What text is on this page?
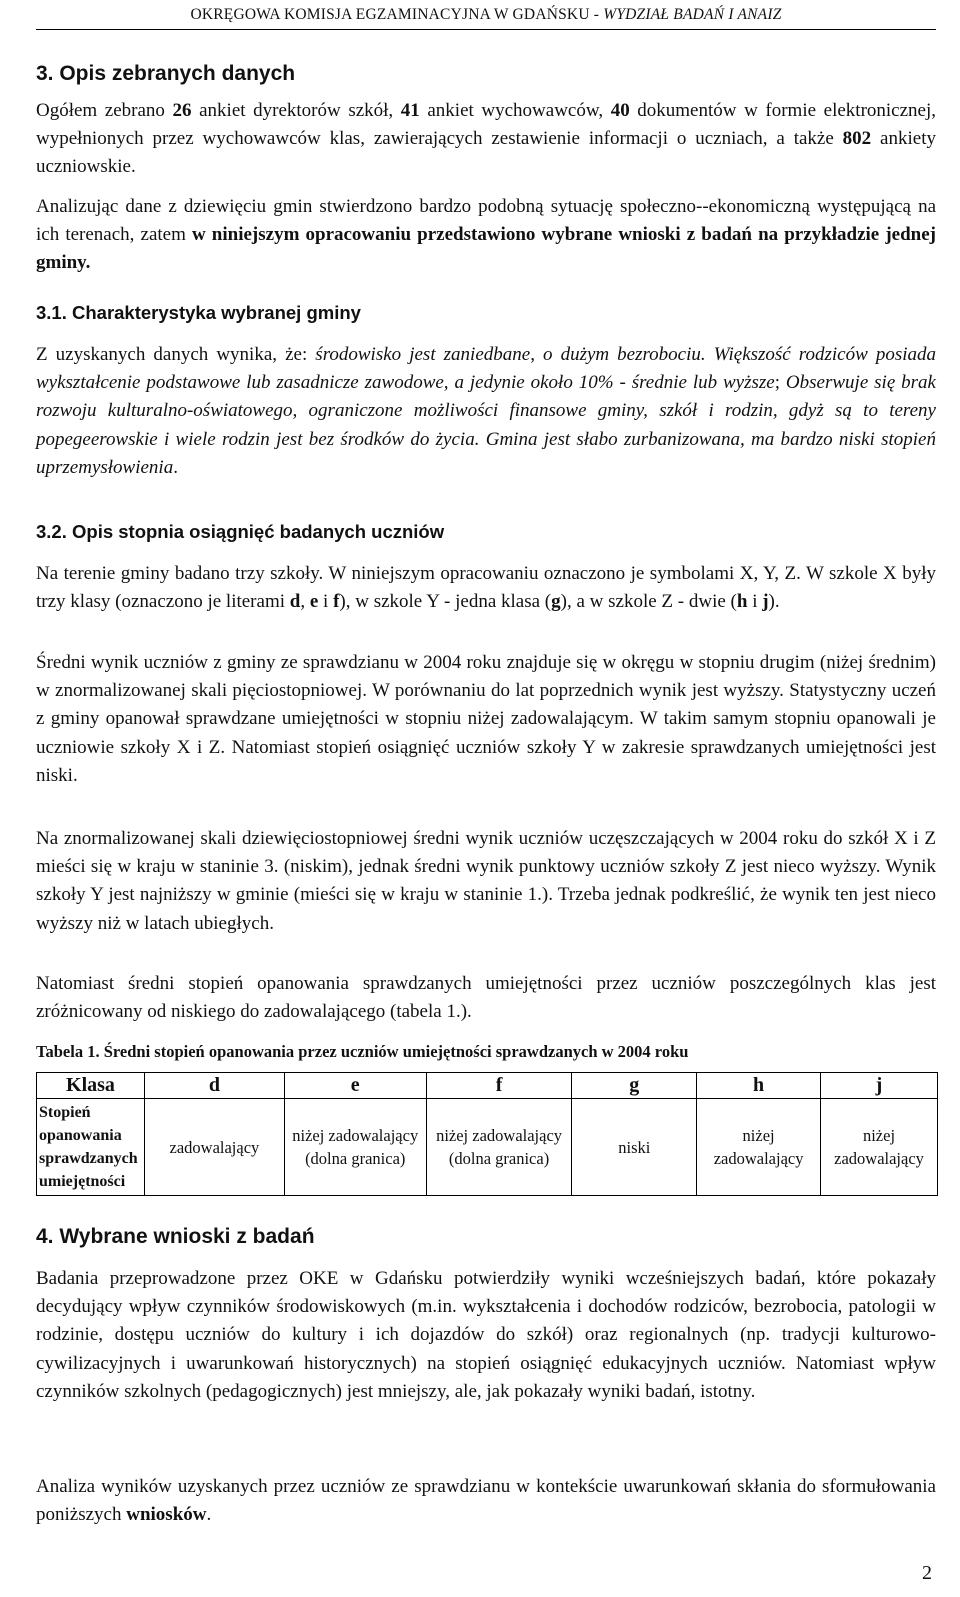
OKRĘGOWA KOMISJA EGZAMINACYJNA W GDAŃSKU - WYDZIAŁ BADAŃ I ANAIZ
3. Opis zebranych danych

Ogółem zebrano 26 ankiet dyrektorów szkół, 41 ankiet wychowawców, 40 dokumentów w formie elektronicznej, wypełnionych przez wychowawców klas, zawierających zestawienie informacji o uczniach, a także 802 ankiety uczniowskie.

Analizując dane z dziewięciu gmin stwierdzono bardzo podobną sytuację społeczno--ekonomiczną występującą na ich terenach, zatem w niniejszym opracowaniu przedstawiono wybrane wnioski z badań na przykładzie jednej gminy.

3.1. Charakterystyka wybranej gminy

Z uzyskanych danych wynika, że: środowisko jest zaniedbane, o dużym bezrobociu. Większość rodziców posiada wykształcenie podstawowe lub zasadnicze zawodowe, a jedynie około 10% - średnie lub wyższe; Obserwuje się brak rozwoju kulturalno-oświatowego, ograniczone możliwości finansowe gminy, szkół i rodzin, gdyż są to tereny popegeerowskie i wiele rodzin jest bez środków do życia. Gmina jest słabo zurbanizowana, ma bardzo niski stopień uprzemysłowienia.

3.2. Opis stopnia osiągnięć badanych uczniów

Na terenie gminy badano trzy szkoły. W niniejszym opracowaniu oznaczono je symbolami X, Y, Z. W szkole X były trzy klasy (oznaczono je literami d, e i f), w szkole Y - jedna klasa (g), a w szkole Z - dwie (h i j).

Średni wynik uczniów z gminy ze sprawdzianu w 2004 roku znajduje się w okręgu w stopniu drugim (niżej średnim) w znormalizowanej skali pięciostopniowej. W porównaniu do lat poprzednich wynik jest wyższy. Statystyczny uczeń z gminy opanował sprawdzane umiejętności w stopniu niżej zadowalającym. W takim samym stopniu opanowali je uczniowie szkoły X i Z. Natomiast stopień osiągnięć uczniów szkoły Y w zakresie sprawdzanych umiejętności jest niski.

Na znormalizowanej skali dziewięciostopniowej średni wynik uczniów uczęszczających w 2004 roku do szkół X i Z mieści się w kraju w staninie 3. (niskim), jednak średni wynik punktowy uczniów szkoły Z jest nieco wyższy. Wynik szkoły Y jest najniższy w gminie (mieści się w kraju w staninie 1.). Trzeba jednak podkreślić, że wynik ten jest nieco wyższy niż w latach ubiegłych.

Natomiast średni stopień opanowania sprawdzanych umiejętności przez uczniów poszczególnych klas jest zróżnicowany od niskiego do zadowalającego (tabela 1.).

Tabela 1. Średni stopień opanowania przez uczniów umiejętności sprawdzanych w 2004 roku
Klasa	d	e	f	g	h	j
Stopień opanowania sprawdzanych umiejętności	zadowalający	niżej zadowalający (dolna granica)	niżej zadowalający (dolna granica)	niski	niżej zadowalający	niżej zadowalający
4. Wybrane wnioski z badań

Badania przeprowadzone przez OKE w Gdańsku potwierdziły wyniki wcześniejszych badań, które pokazały decydujący wpływ czynników środowiskowych (m.in. wykształcenia i dochodów rodziców, bezrobocia, patologii w rodzinie, dostępu uczniów do kultury i ich dojazdów do szkół) oraz regionalnych (np. tradycji kulturowo-cywilizacyjnych i uwarunkowań historycznych) na stopień osiągnięć edukacyjnych uczniów. Natomiast wpływ czynników szkolnych (pedagogicznych) jest mniejszy, ale, jak pokazały wyniki badań, istotny.

Analiza wyników uzyskanych przez uczniów ze sprawdzianu w kontekście uwarunkowań skłania do sformułowania poniższych wniosków.

2
